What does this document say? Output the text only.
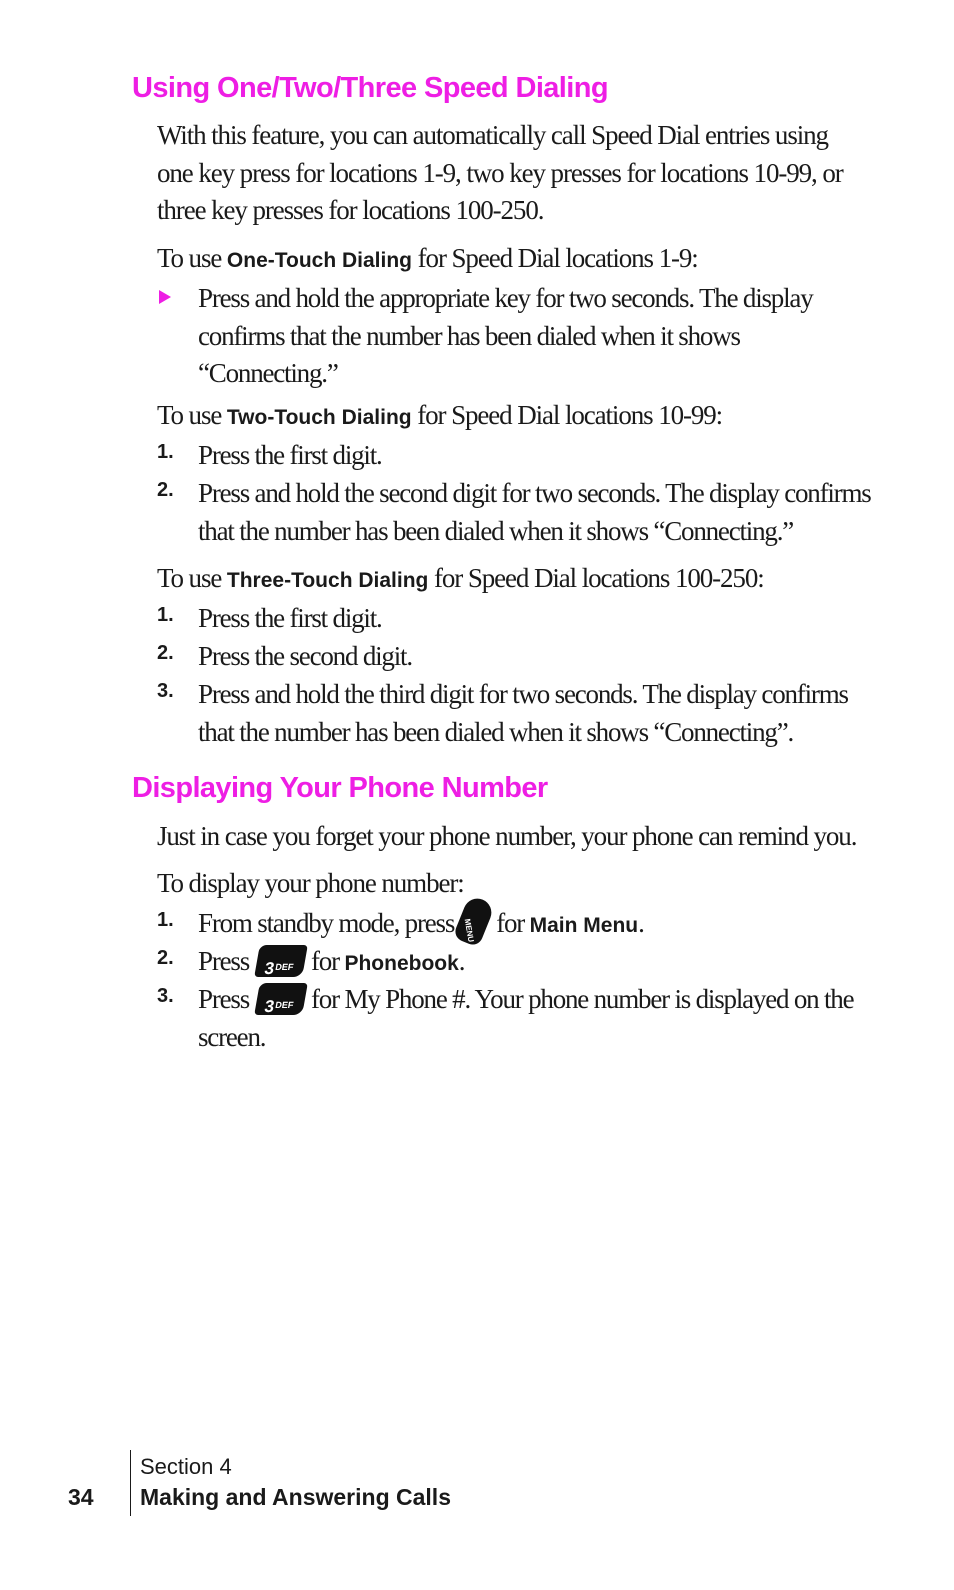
Using One/Two/Three Speed Dialing

With this feature, you can automatically call Speed Dial entries using one key press for locations 1-9, two key presses for locations 10-99, or three key presses for locations 100-250.

To use One-Touch Dialing for Speed Dial locations 1-9:

Press and hold the appropriate key for two seconds. The display confirms that the number has been dialed when it shows “Connecting.”

To use Two-Touch Dialing for Speed Dial locations 10-99:

1. Press the first digit.
2. Press and hold the second digit for two seconds. The display confirms that the number has been dialed when it shows “Connecting.”

To use Three-Touch Dialing for Speed Dial locations 100-250:

1. Press the first digit.
2. Press the second digit.
3. Press and hold the third digit for two seconds. The display confirms that the number has been dialed when it shows “Connecting”.
Displaying Your Phone Number

Just in case you forget your phone number, your phone can remind you.

To display your phone number:

1. From standby mode, press	MENU for Main Menu.
2. Press $3^{DEF}$ for Phonebook.
3. Press $3^{DEF}$ for My Phone #. Your phone number is displayed on the screen.
34
Section 4
Making and Answering Calls
